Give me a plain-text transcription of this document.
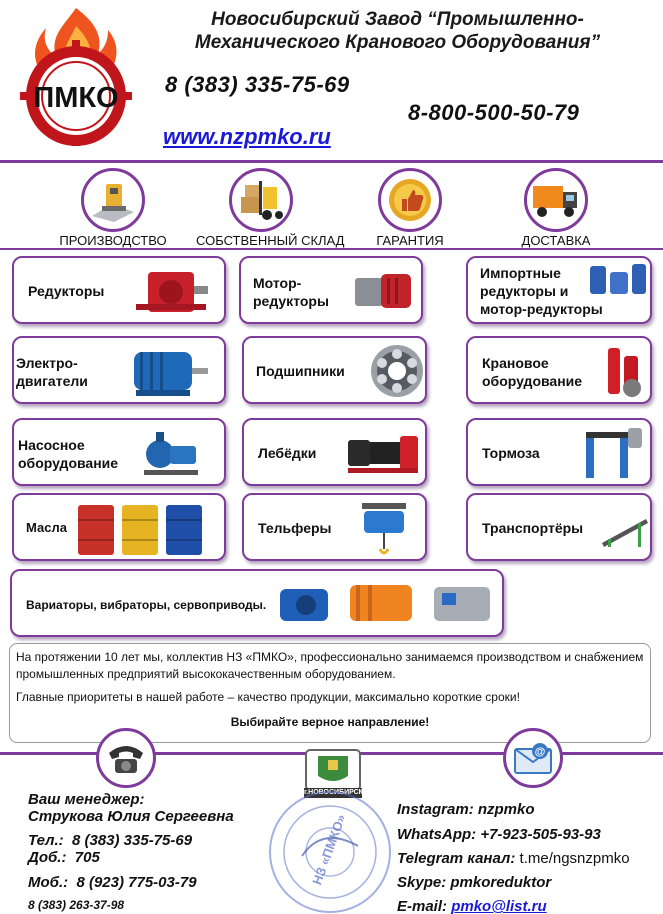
ПМКО
Новосибирский Завод “Промышленно-Механического Кранового Оборудования”
8 (383) 335-75-69
8-800-500-50-79
www.nzpmko.ru
ПРОИЗВОДСТВО	СОБСТВЕННЫЙ СКЛАД	ГАРАНТИЯ	ДОСТАВКА
Редукторы	Мотор-
редукторы
Импортные
редукторы и
мотор-редукторы
Электро-
двигатели
Подшипники	Крановое
оборудование
Насосное
оборудование
Лебёдки	Тормоза
Масла	Тельферы	Транспортёры
Вариаторы, вибраторы, сервоприводы.

На протяжении 10 лет мы, коллектив НЗ «ПМКО», профессионально занимаемся производством и снабжением промышленных предприятий высококачественным оборудованием.

Главные приоритеты в нашей работе – качество продукции, максимально короткие сроки!

Выбирайте верное направление!

@
г.НОВОСИБИРСК
НЗ «ПМКО»
Ваш менеджер:
Струкова Юлия Сергеевна
Тел.: 8 (383) 335-75-69
Доб.: 705
Моб.: 8 (923) 775-03-79
8 (383) 263-37-98
Instagram: nzpmko
WhatsApp: +7-923-505-93-93
Telegram канал: t.me/ngsnzpmko
Skype: pmkoreduktor
E-mail: pmko@list.ru
